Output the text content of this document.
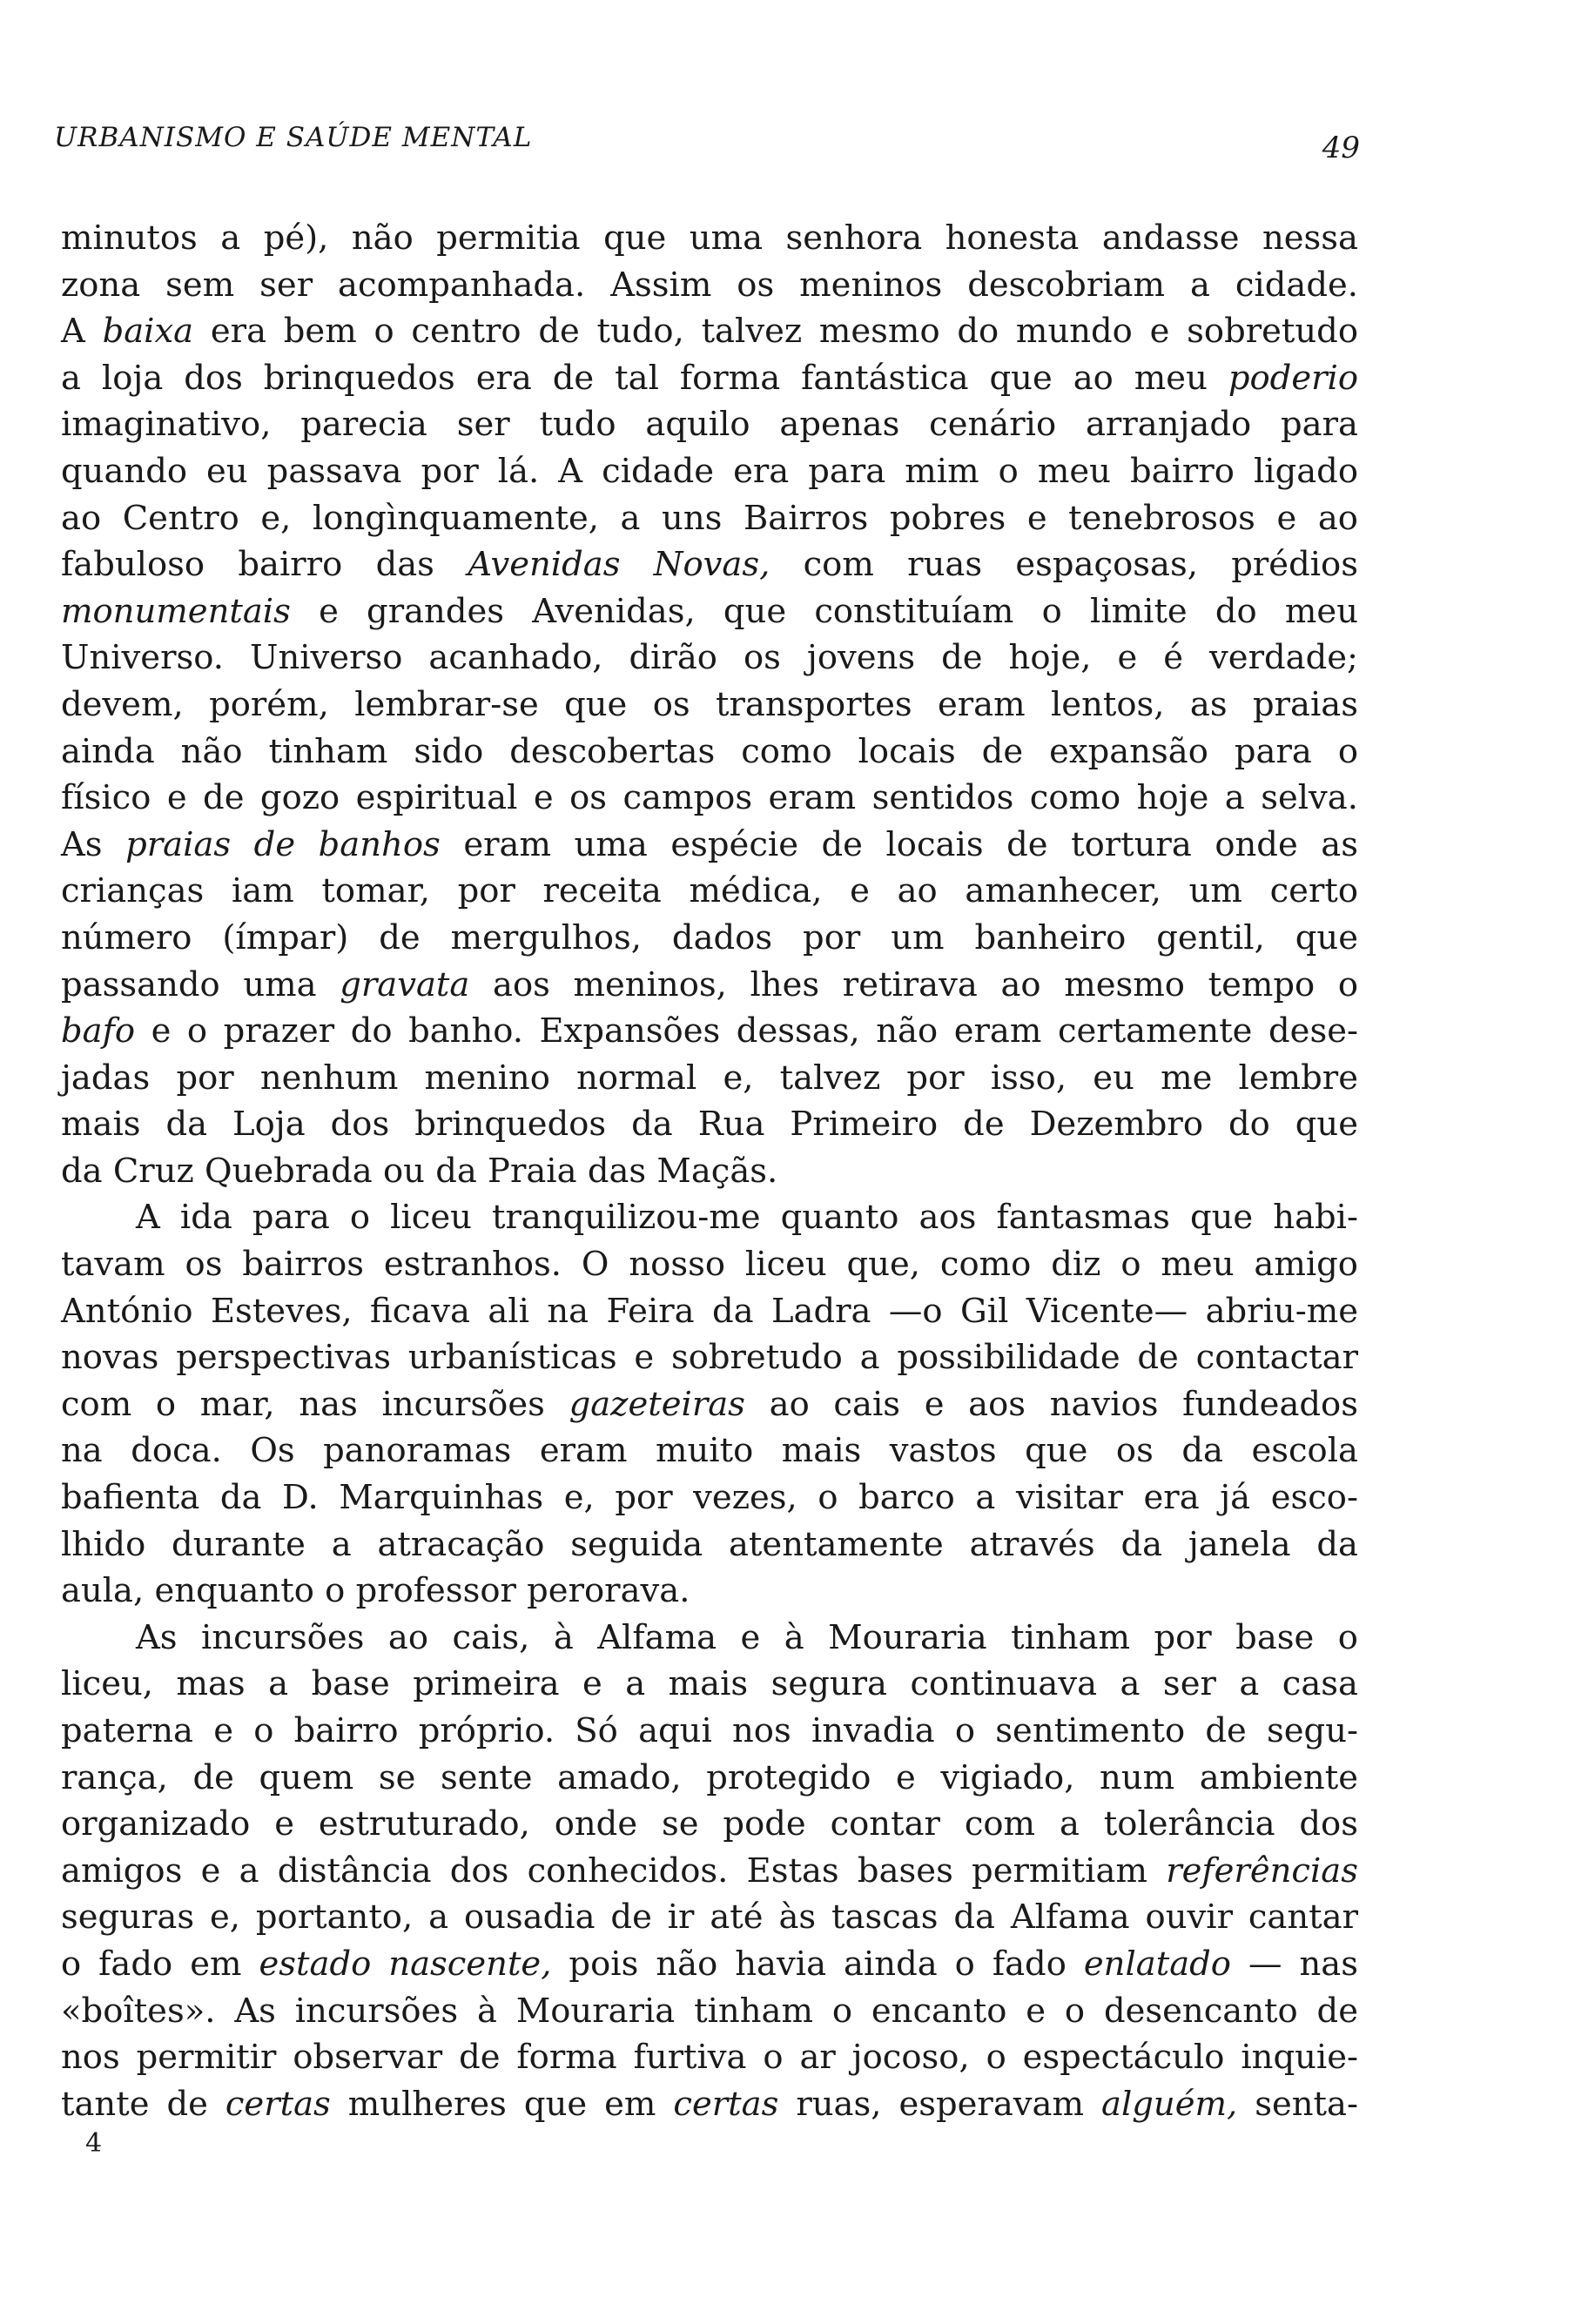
URBANISMO E SAÚDE MENTAL	49
minutos a pé), não permitia que uma senhora honesta andasse nessa
zona sem ser acompanhada. Assim os meninos descobriam a cidade.
A baixa era bem o centro de tudo, talvez mesmo do mundo e sobretudo
a loja dos brinquedos era de tal forma fantástica que ao meu poderio
imaginativo, parecia ser tudo aquilo apenas cenário arranjado para
quando eu passava por lá. A cidade era para mim o meu bairro ligado
ao Centro e, longìnquamente, a uns Bairros pobres e tenebrosos e ao
fabuloso bairro das Avenidas Novas, com ruas espaçosas, prédios
monumentais e grandes Avenidas, que constituíam o limite do meu
Universo. Universo acanhado, dirão os jovens de hoje, e é verdade;
devem, porém, lembrar-se que os transportes eram lentos, as praias
ainda não tinham sido descobertas como locais de expansão para o
físico e de gozo espiritual e os campos eram sentidos como hoje a selva.
As praias de banhos eram uma espécie de locais de tortura onde as
crianças iam tomar, por receita médica, e ao amanhecer, um certo
número (ímpar) de mergulhos, dados por um banheiro gentil, que
passando uma gravata aos meninos, lhes retirava ao mesmo tempo o
bafo e o prazer do banho. Expansões dessas, não eram certamente dese-
jadas por nenhum menino normal e, talvez por isso, eu me lembre
mais da Loja dos brinquedos da Rua Primeiro de Dezembro do que
da Cruz Quebrada ou da Praia das Maçãs.
A ida para o liceu tranquilizou-me quanto aos fantasmas que habi-
tavam os bairros estranhos. O nosso liceu que, como diz o meu amigo
António Esteves, ficava ali na Feira da Ladra —o Gil Vicente— abriu-me
novas perspectivas urbanísticas e sobretudo a possibilidade de contactar
com o mar, nas incursões gazeteiras ao cais e aos navios fundeados
na doca. Os panoramas eram muito mais vastos que os da escola
bafienta da D. Marquinhas e, por vezes, o barco a visitar era já esco-
lhido durante a atracação seguida atentamente através da janela da
aula, enquanto o professor perorava.
As incursões ao cais, à Alfama e à Mouraria tinham por base o
liceu, mas a base primeira e a mais segura continuava a ser a casa
paterna e o bairro próprio. Só aqui nos invadia o sentimento de segu-
rança, de quem se sente amado, protegido e vigiado, num ambiente
organizado e estruturado, onde se pode contar com a tolerância dos
amigos e a distância dos conhecidos. Estas bases permitiam referências
seguras e, portanto, a ousadia de ir até às tascas da Alfama ouvir cantar
o fado em estado nascente, pois não havia ainda o fado enlatado — nas
«boîtes». As incursões à Mouraria tinham o encanto e o desencanto de
nos permitir observar de forma furtiva o ar jocoso, o espectáculo inquie-
tante de certas mulheres que em certas ruas, esperavam alguém, senta-
4
